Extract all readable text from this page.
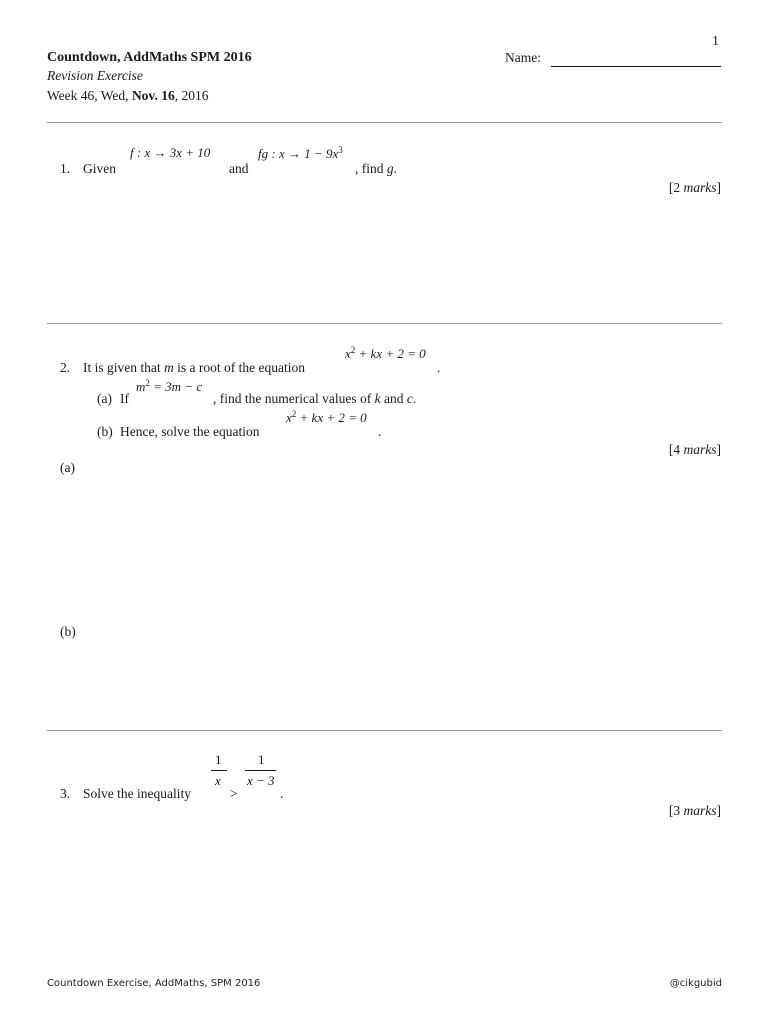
1
Countdown, AddMaths SPM 2016
Revision Exercise
Week 46, Wed, Nov. 16, 2016
Name:
1. Given
f : x → 3x + 10
and
fg : $x \to 1 - 9x^3$
, find g.
[2 marks]
2. It is given that m is a root of the equation
$x^2$ + kx + 2 = 0
.
(a) If
$m^2 = 3m - c$
, find the numerical values of k and c.
(b) Hence, solve the equation
$x^2$ + kx + 2 = 0
.
[4 marks]
(a)
(b)
3. Solve the inequality
1
x
>
1
x − 3
.
[3 marks]
Countdown Exercise, AddMaths, SPM 2016	@cikgubid
